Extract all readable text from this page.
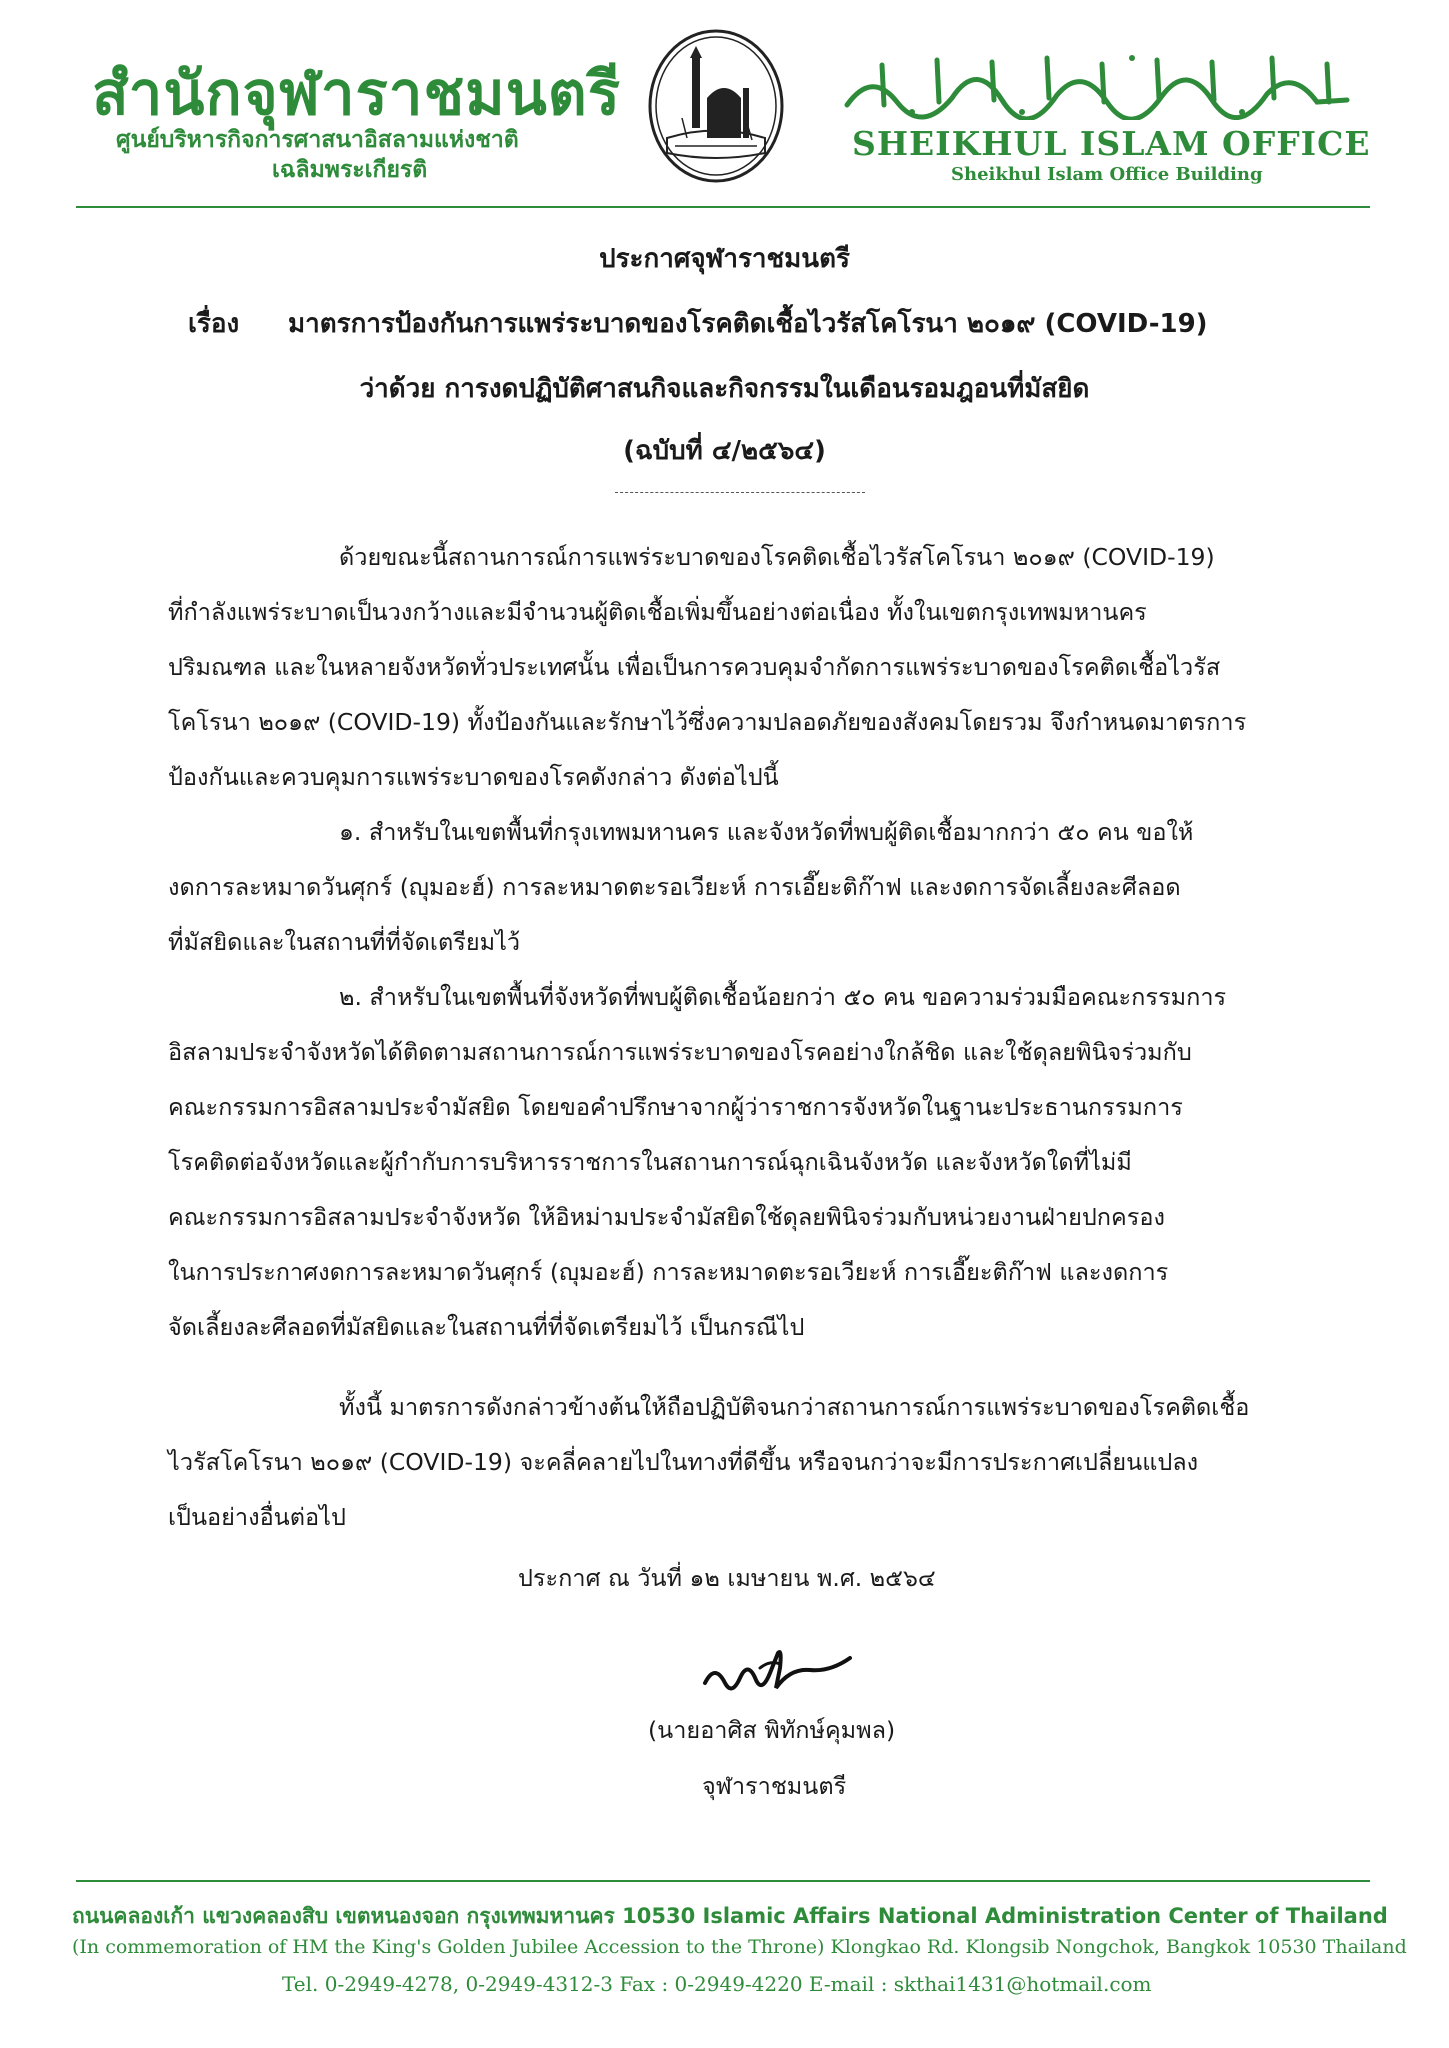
สำนักจุฬาราชมนตรี
ศูนย์บริหารกิจการศาสนาอิสลามแห่งชาติ
เฉลิมพระเกียรติ
SHEIKHUL ISLAM OFFICE
Sheikhul Islam Office Building
ประกาศจุฬาราชมนตรี
เรื่อง มาตรการป้องกันการแพร่ระบาดของโรคติดเชื้อไวรัสโคโรนา ๒๐๑๙ (COVID-19)
ว่าด้วย การงดปฏิบัติศาสนกิจและกิจกรรมในเดือนรอมฎอนที่มัสยิด
(ฉบับที่ ๔/๒๕๖๔)
ด้วยขณะนี้สถานการณ์การแพร่ระบาดของโรคติดเชื้อไวรัสโคโรนา ๒๐๑๙ (COVID-19)
ที่กำลังแพร่ระบาดเป็นวงกว้างและมีจำนวนผู้ติดเชื้อเพิ่มขึ้นอย่างต่อเนื่อง ทั้งในเขตกรุงเทพมหานคร
ปริมณฑล และในหลายจังหวัดทั่วประเทศนั้น เพื่อเป็นการควบคุมจำกัดการแพร่ระบาดของโรคติดเชื้อไวรัส
โคโรนา ๒๐๑๙ (COVID-19) ทั้งป้องกันและรักษาไว้ซึ่งความปลอดภัยของสังคมโดยรวม จึงกำหนดมาตรการ
ป้องกันและควบคุมการแพร่ระบาดของโรคดังกล่าว ดังต่อไปนี้
๑. สำหรับในเขตพื้นที่กรุงเทพมหานคร และจังหวัดที่พบผู้ติดเชื้อมากกว่า ๕๐ คน ขอให้
งดการละหมาดวันศุกร์ (ญุมอะฮ์) การละหมาดตะรอเวียะห์ การเอี๊ยะติก๊าฟ และงดการจัดเลี้ยงละศีลอด
ที่มัสยิดและในสถานที่ที่จัดเตรียมไว้
๒. สำหรับในเขตพื้นที่จังหวัดที่พบผู้ติดเชื้อน้อยกว่า ๕๐ คน ขอความร่วมมือคณะกรรมการ
อิสลามประจำจังหวัดได้ติดตามสถานการณ์การแพร่ระบาดของโรคอย่างใกล้ชิด และใช้ดุลยพินิจร่วมกับ
คณะกรรมการอิสลามประจำมัสยิด โดยขอคำปรึกษาจากผู้ว่าราชการจังหวัดในฐานะประธานกรรมการ
โรคติดต่อจังหวัดและผู้กำกับการบริหารราชการในสถานการณ์ฉุกเฉินจังหวัด และจังหวัดใดที่ไม่มี
คณะกรรมการอิสลามประจำจังหวัด ให้อิหม่ามประจำมัสยิดใช้ดุลยพินิจร่วมกับหน่วยงานฝ่ายปกครอง
ในการประกาศงดการละหมาดวันศุกร์ (ญุมอะฮ์) การละหมาดตะรอเวียะห์ การเอี๊ยะติก๊าฟ และงดการ
จัดเลี้ยงละศีลอดที่มัสยิดและในสถานที่ที่จัดเตรียมไว้ เป็นกรณีไป
ทั้งนี้ มาตรการดังกล่าวข้างต้นให้ถือปฏิบัติจนกว่าสถานการณ์การแพร่ระบาดของโรคติดเชื้อ
ไวรัสโคโรนา ๒๐๑๙ (COVID-19) จะคลี่คลายไปในทางที่ดีขึ้น หรือจนกว่าจะมีการประกาศเปลี่ยนแปลง
เป็นอย่างอื่นต่อไป
ประกาศ ณ วันที่ ๑๒ เมษายน พ.ศ. ๒๕๖๔
(นายอาศิส พิทักษ์คุมพล)
จุฬาราชมนตรี
ถนนคลองเก้า แขวงคลองสิบ เขตหนองจอก กรุงเทพมหานคร 10530 Islamic Affairs National Administration Center of Thailand
(In commemoration of HM the King's Golden Jubilee Accession to the Throne) Klongkao Rd. Klongsib Nongchok, Bangkok 10530 Thailand
Tel. 0-2949-4278, 0-2949-4312-3 Fax : 0-2949-4220 E-mail : skthai1431@hotmail.com
